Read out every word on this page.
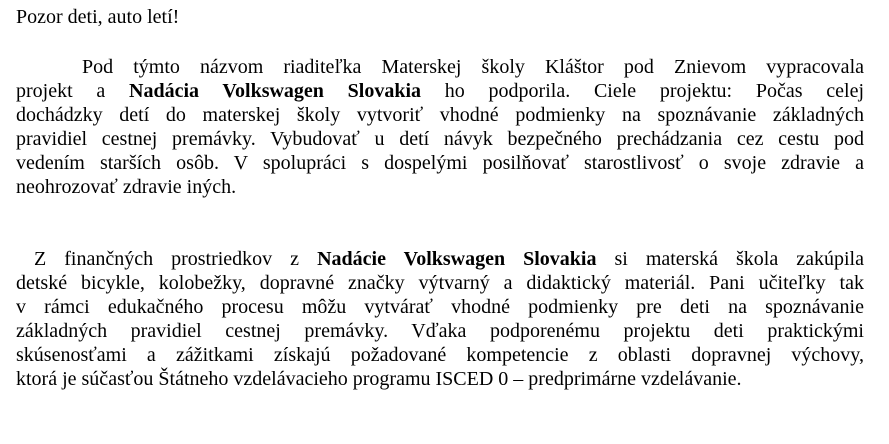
Pozor deti, auto letí!
Pod týmto názvom riaditeľka Materskej školy Kláštor pod Znievom vypracovala
projekt a Nadácia Volkswagen Slovakia ho podporila. Ciele projektu: Počas celej
dochádzky detí do materskej školy vytvoriť vhodné podmienky na spoznávanie základných
pravidiel cestnej premávky. Vybudovať u detí návyk bezpečného prechádzania cez cestu pod
vedením starších osôb. V spolupráci s dospelými posilňovať starostlivosť o svoje zdravie a
neohrozovať zdravie iných.
Z finančných prostriedkov z Nadácie Volkswagen Slovakia si materská škola zakúpila
detské bicykle, kolobežky, dopravné značky výtvarný a didaktický materiál. Pani učiteľky tak
v rámci edukačného procesu môžu vytvárať vhodné podmienky pre deti na spoznávanie
základných pravidiel cestnej premávky. Vďaka podporenému projektu deti praktickými
skúsenosťami a zážitkami získajú požadované kompetencie z oblasti dopravnej výchovy,
ktorá je súčasťou Štátneho vzdelávacieho programu ISCED 0 – predprimárne vzdelávanie.
